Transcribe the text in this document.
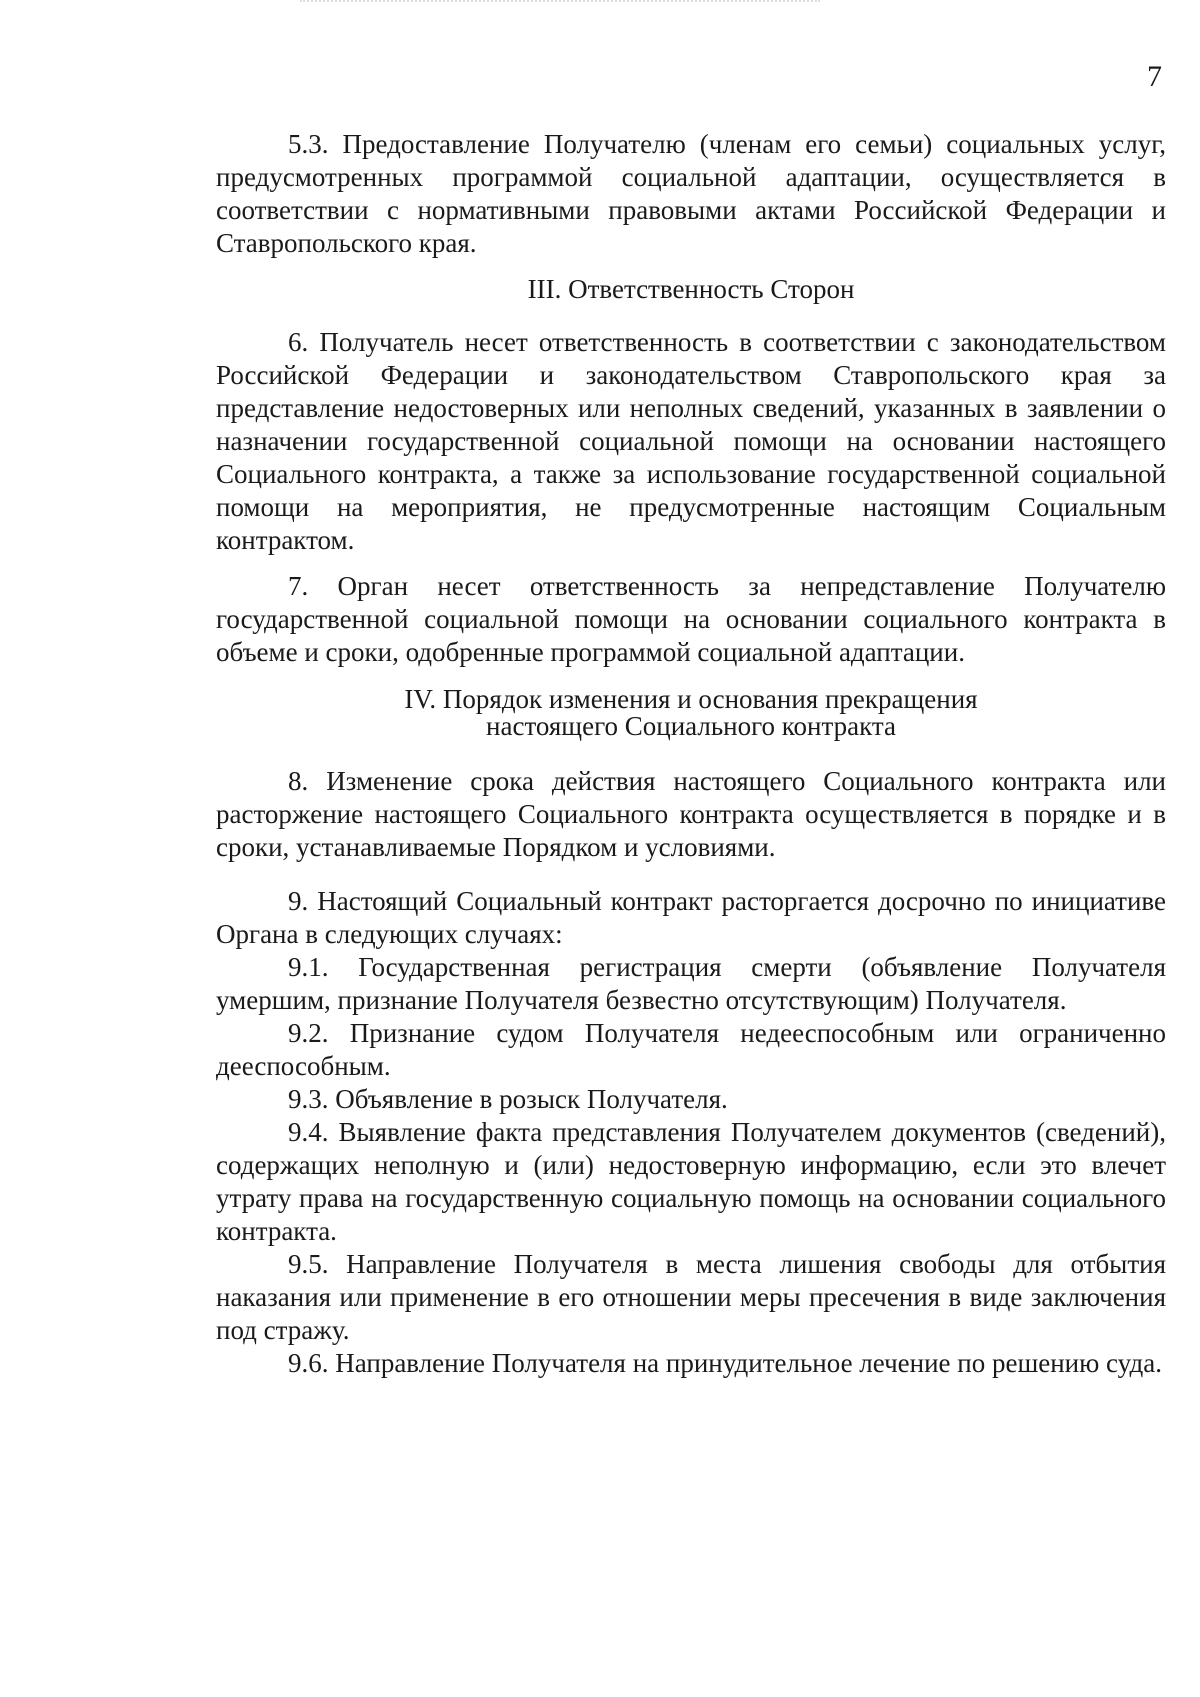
7

5.3. Предоставление Получателю (членам его семьи) социальных услуг, предусмотренных программой социальной адаптации, осуществляется в соответствии с нормативными правовыми актами Российской Федерации и Ставропольского края.

III. Ответственность Сторон

6. Получатель несет ответственность в соответствии с законодательством Российской Федерации и законодательством Ставропольского края за представление недостоверных или неполных сведений, указанных в заявлении о назначении государственной социальной помощи на основании настоящего Социального контракта, а также за использование государственной социальной помощи на мероприятия, не предусмотренные настоящим Социальным контрактом.

7. Орган несет ответственность за непредставление Получателю государственной социальной помощи на основании социального контракта в объеме и сроки, одобренные программой социальной адаптации.

IV. Порядок изменения и основания прекращения
настоящего Социального контракта

8. Изменение срока действия настоящего Социального контракта или расторжение настоящего Социального контракта осуществляется в порядке и в сроки, устанавливаемые Порядком и условиями.

9. Настоящий Социальный контракт расторгается досрочно по инициативе Органа в следующих случаях:

9.1. Государственная регистрация смерти (объявление Получателя умершим, признание Получателя безвестно отсутствующим) Получателя.

9.2. Признание судом Получателя недееспособным или ограниченно дееспособным.

9.3. Объявление в розыск Получателя.

9.4. Выявление факта представления Получателем документов (сведений), содержащих неполную и (или) недостоверную информацию, если это влечет утрату права на государственную социальную помощь на основании социального контракта.

9.5. Направление Получателя в места лишения свободы для отбытия наказания или применение в его отношении меры пресечения в виде заключения под стражу.

9.6. Направление Получателя на принудительное лечение по решению суда.
